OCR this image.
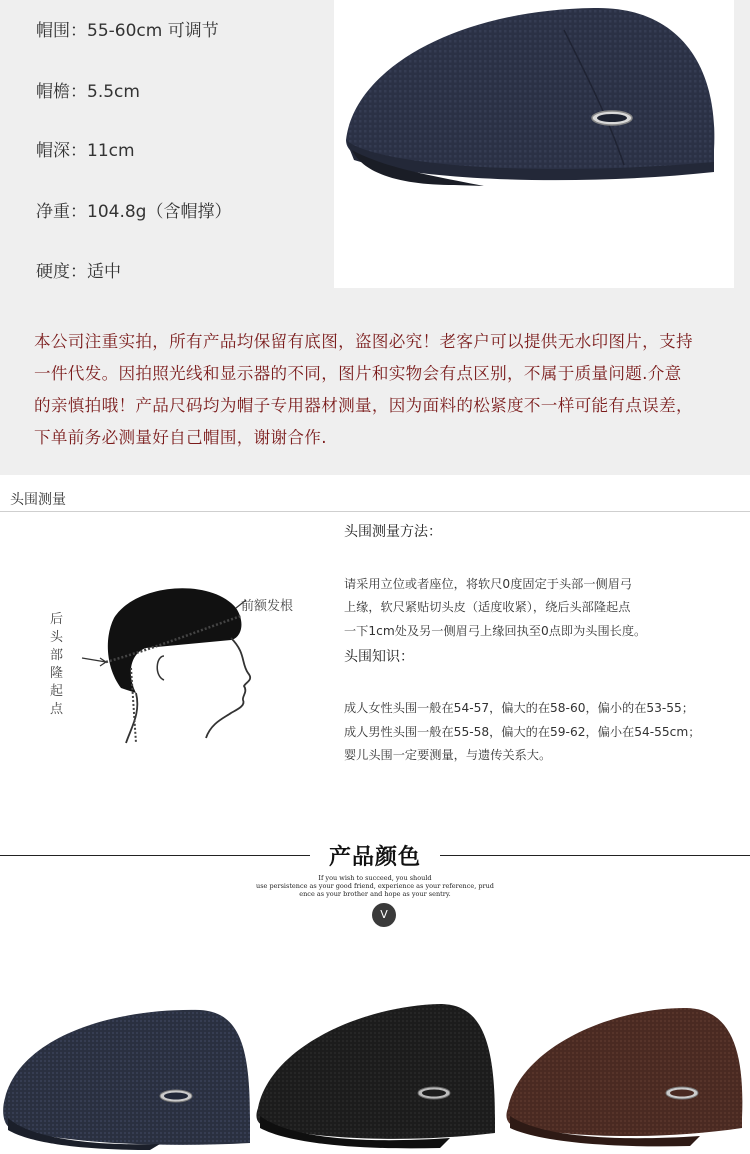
帽围：55-60cm 可调节
帽檐：5.5cm
帽深：11cm
净重：104.8g（含帽撑）
硬度：适中
本公司注重实拍，所有产品均保留有底图，盗图必究！老客户可以提供无水印图片，支持
一件代发。因拍照光线和显示器的不同，图片和实物会有点区别，不属于质量问题.介意
的亲慎拍哦！产品尺码均为帽子专用器材测量，因为面料的松紧度不一样可能有点误差，
下单前务必测量好自己帽围，谢谢合作.
头围测量
后
头
部
隆
起
点
前额发根
头围测量方法：
请采用立位或者座位，将软尺0度固定于头部一侧眉弓
上缘，软尺紧贴切头皮（适度收紧），绕后头部隆起点
一下1cm处及另一侧眉弓上缘回执至0点即为头围长度。
头围知识：
成人女性头围一般在54-57，偏大的在58-60，偏小的在53-55；
成人男性头围一般在55-58，偏大的在59-62，偏小在54-55cm；
婴儿头围一定要测量，与遗传关系大。
产品颜色
If you wish to succeed, you should
use persistence as your good friend, experience as your reference, prud
ence as your brother and hope as your sentry.
V
